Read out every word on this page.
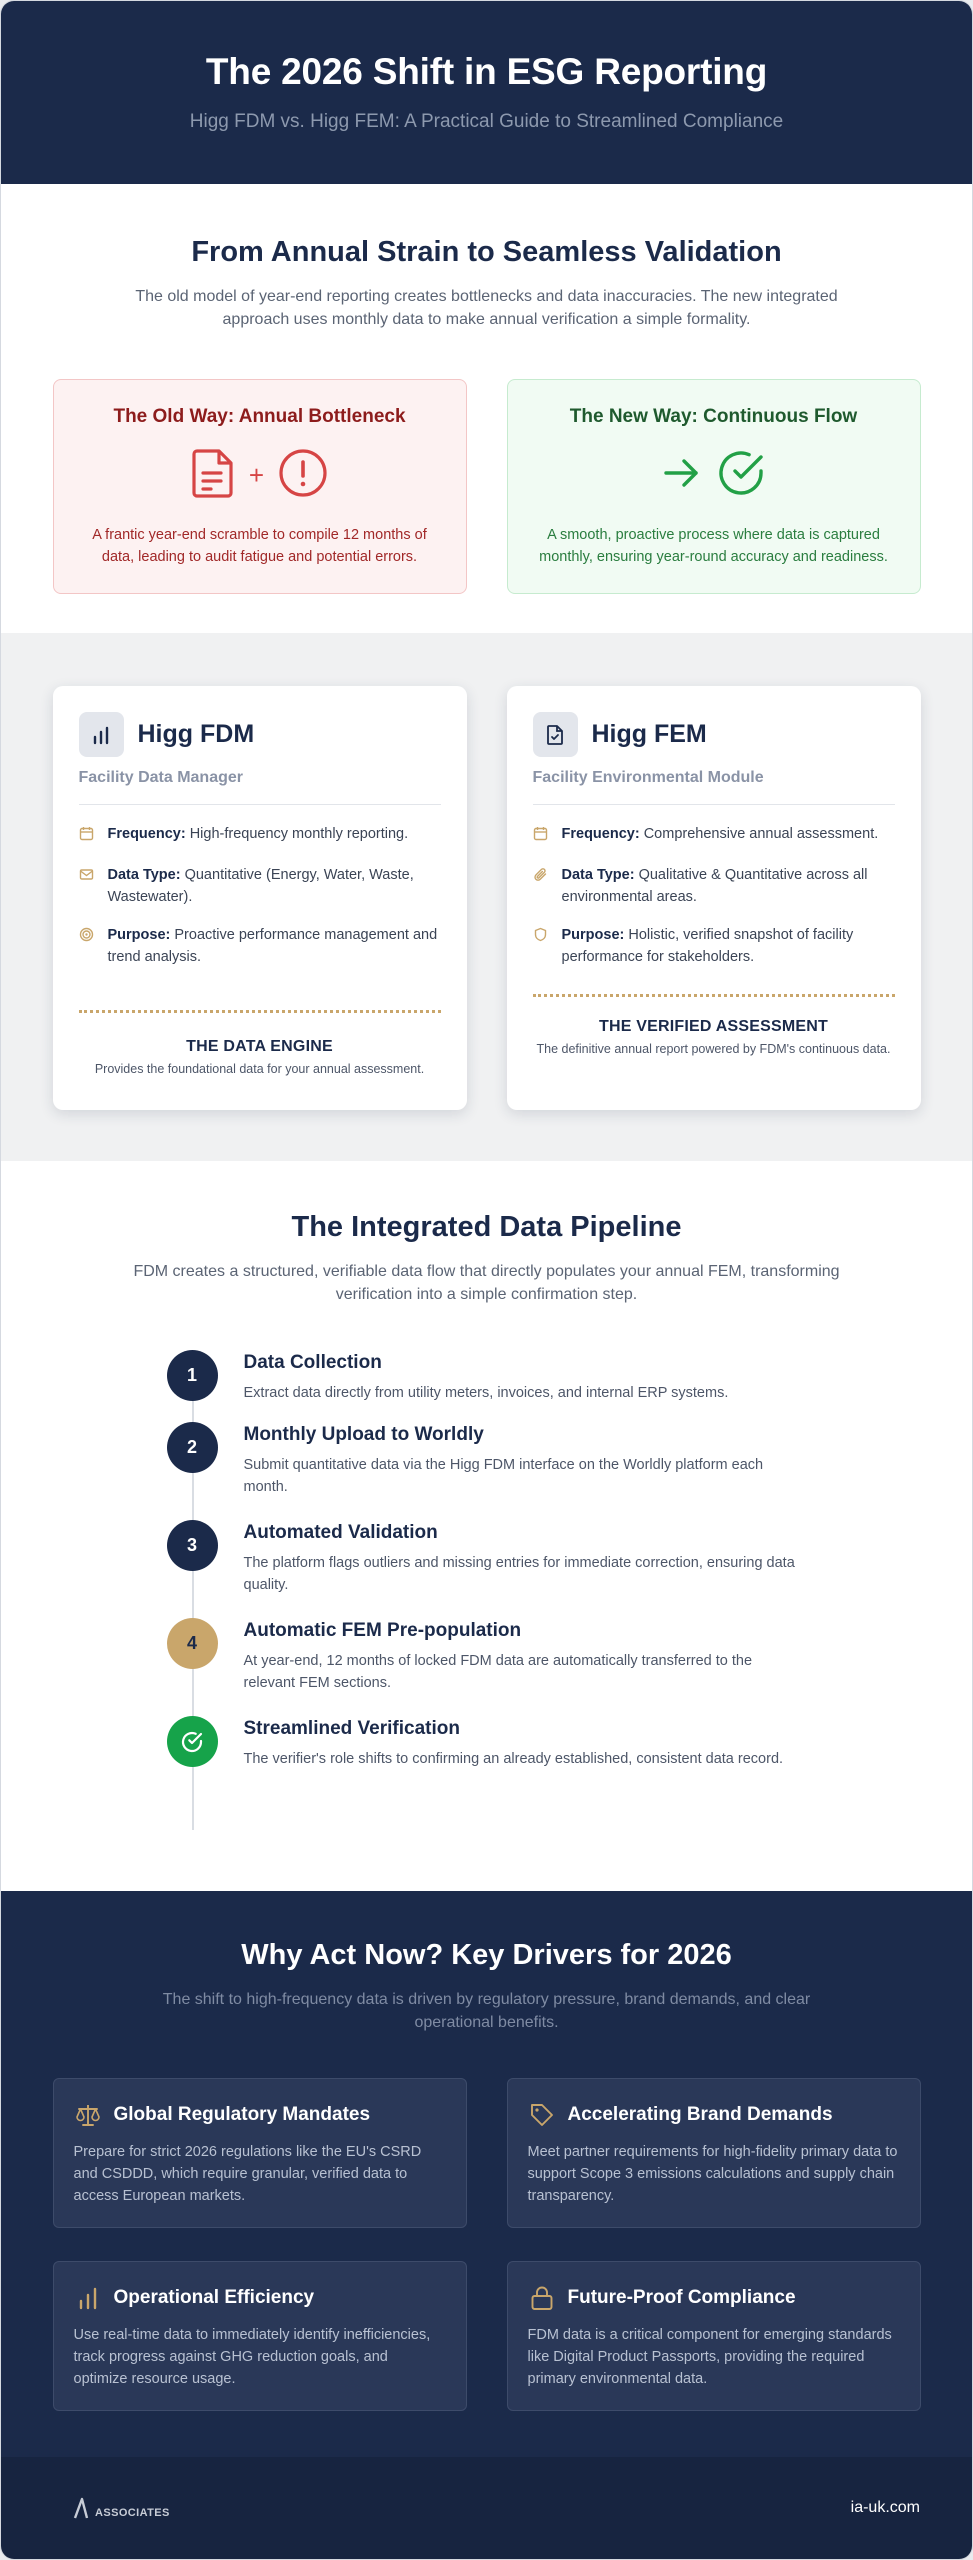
The 2026 Shift in ESG Reporting

Higg FDM vs. Higg FEM: A Practical Guide to Streamlined Compliance

From Annual Strain to Seamless Validation

The old model of year-end reporting creates bottlenecks and data inaccuracies. The new integrated approach uses monthly data to make annual verification a simple formality.

The Old Way: Annual Bottleneck
+

A frantic year-end scramble to compile 12 months of data, leading to audit fatigue and potential errors.

The New Way: Continuous Flow

A smooth, proactive process where data is captured monthly, ensuring year-round accuracy and readiness.

Higg FDM
Facility Data Manager
Frequency: High-frequency monthly reporting.
Data Type: Quantitative (Energy, Water, Waste, Wastewater).
Purpose: Proactive performance management and trend analysis.
THE DATA ENGINE

Provides the foundational data for your annual assessment.

Higg FEM
Facility Environmental Module
Frequency: Comprehensive annual assessment.
Data Type: Qualitative & Quantitative across all environmental areas.
Purpose: Holistic, verified snapshot of facility performance for stakeholders.
THE VERIFIED ASSESSMENT

The definitive annual report powered by FDM's continuous data.

The Integrated Data Pipeline

FDM creates a structured, verifiable data flow that directly populates your annual FEM, transforming verification into a simple confirmation step.

1
Data Collection

Extract data directly from utility meters, invoices, and internal ERP systems.

2
Monthly Upload to Worldly

Submit quantitative data via the Higg FDM interface on the Worldly platform each month.

3
Automated Validation

The platform flags outliers and missing entries for immediate correction, ensuring data quality.

4
Automatic FEM Pre-population

At year-end, 12 months of locked FDM data are automatically transferred to the relevant FEM sections.

Streamlined Verification

The verifier's role shifts to confirming an already established, consistent data record.

Why Act Now? Key Drivers for 2026

The shift to high-frequency data is driven by regulatory pressure, brand demands, and clear operational benefits.

Global Regulatory Mandates

Prepare for strict 2026 regulations like the EU's CSRD and CSDDD, which require granular, verified data to access European markets.

Accelerating Brand Demands

Meet partner requirements for high-fidelity primary data to support Scope 3 emissions calculations and supply chain transparency.

Operational Efficiency

Use real-time data to immediately identify inefficiencies, track progress against GHG reduction goals, and optimize resource usage.

Future-Proof Compliance

FDM data is a critical component for emerging standards like Digital Product Passports, providing the required primary environmental data.

ASSOCIATES	ia-uk.com
